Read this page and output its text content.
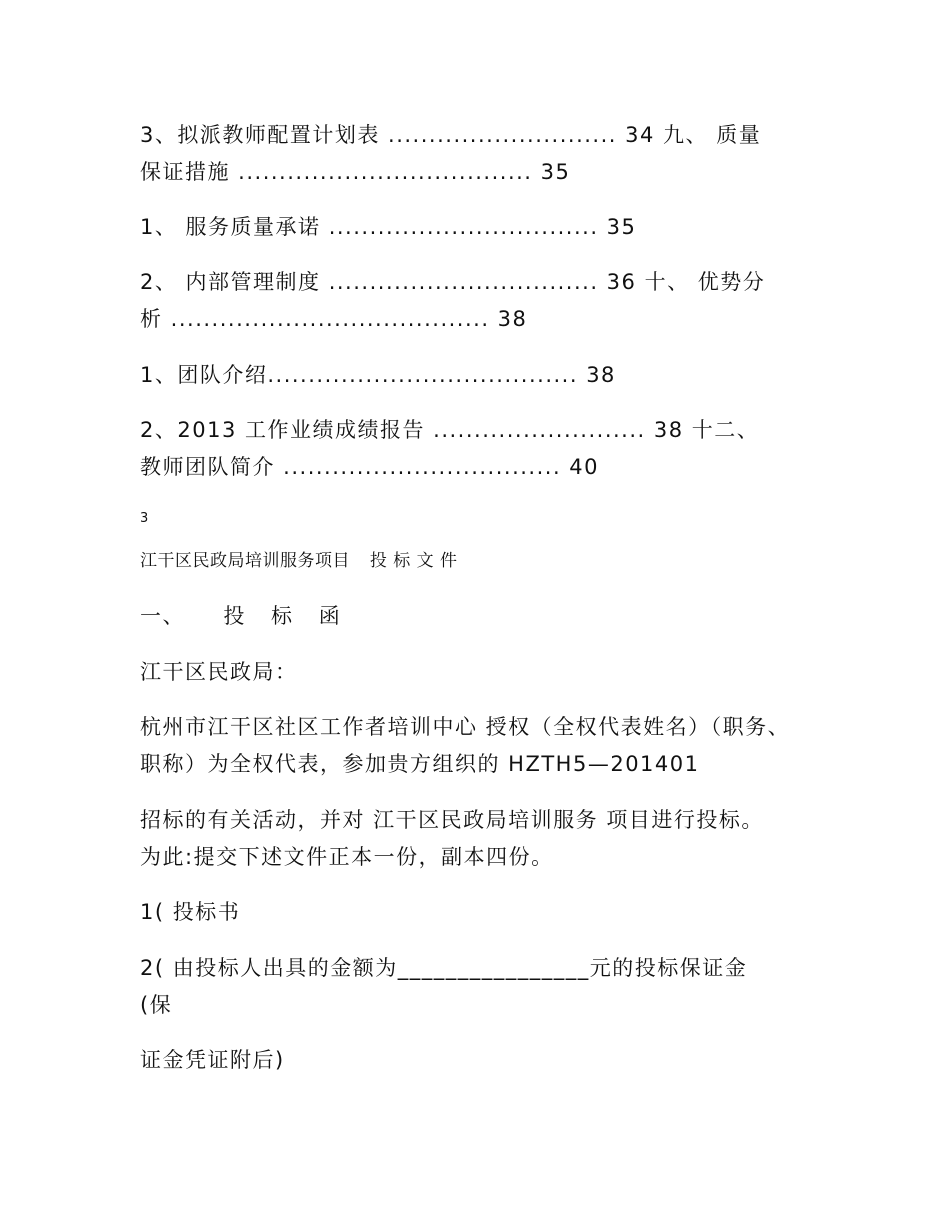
3、拟派教师配置计划表 ............................ 34 九、 质量
保证措施 .................................... 35
1、 服务质量承诺 ................................. 35
2、 内部管理制度 ................................. 36 十、 优势分
析 ....................................... 38
1、团队介绍...................................... 38
2、2013 工作业绩成绩报告 .......................... 38 十二、
教师团队简介 .................................. 40
3
江干区民政局培训服务项目 投 标 文 件
一、 投 标 函
江干区民政局：
杭州市江干区社区工作者培训中心 授权（全权代表姓名）（职务、
职称）为全权代表，参加贵方组织的 HZTH5—201401
招标的有关活动，并对 江干区民政局培训服务 项目进行投标。
为此:提交下述文件正本一份，副本四份。
1( 投标书
2( 由投标人出具的金额为________________元的投标保证金
(保
证金凭证附后)
